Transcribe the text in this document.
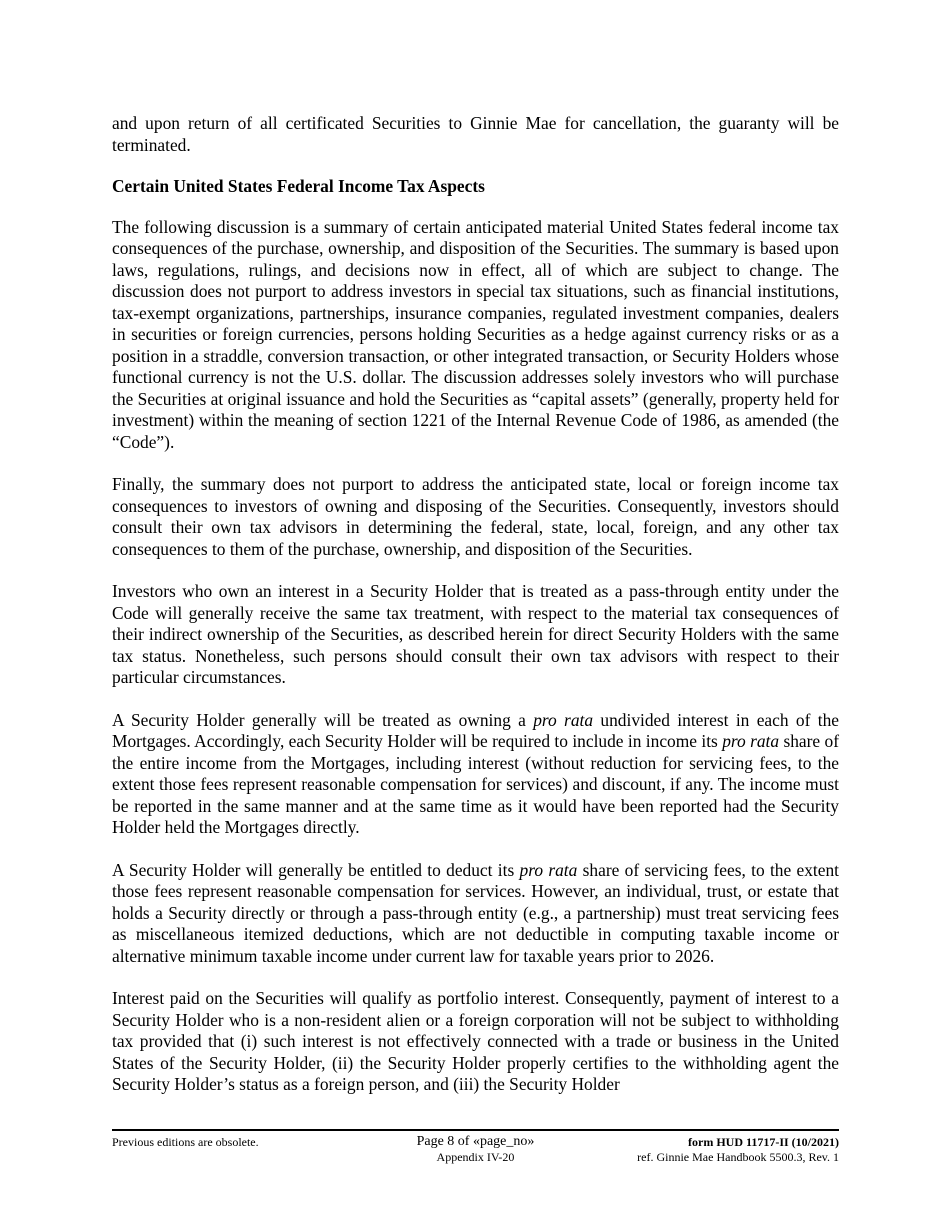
and upon return of all certificated Securities to Ginnie Mae for cancellation, the guaranty will be terminated.

Certain United States Federal Income Tax Aspects

The following discussion is a summary of certain anticipated material United States federal income tax consequences of the purchase, ownership, and disposition of the Securities. The summary is based upon laws, regulations, rulings, and decisions now in effect, all of which are subject to change. The discussion does not purport to address investors in special tax situations, such as financial institutions, tax-exempt organizations, partnerships, insurance companies, regulated investment companies, dealers in securities or foreign currencies, persons holding Securities as a hedge against currency risks or as a position in a straddle, conversion transaction, or other integrated transaction, or Security Holders whose functional currency is not the U.S. dollar. The discussion addresses solely investors who will purchase the Securities at original issuance and hold the Securities as “capital assets” (generally, property held for investment) within the meaning of section 1221 of the Internal Revenue Code of 1986, as amended (the “Code”).

Finally, the summary does not purport to address the anticipated state, local or foreign income tax consequences to investors of owning and disposing of the Securities. Consequently, investors should consult their own tax advisors in determining the federal, state, local, foreign, and any other tax consequences to them of the purchase, ownership, and disposition of the Securities.

Investors who own an interest in a Security Holder that is treated as a pass-through entity under the Code will generally receive the same tax treatment, with respect to the material tax consequences of their indirect ownership of the Securities, as described herein for direct Security Holders with the same tax status. Nonetheless, such persons should consult their own tax advisors with respect to their particular circumstances.

A Security Holder generally will be treated as owning a pro rata undivided interest in each of the Mortgages. Accordingly, each Security Holder will be required to include in income its pro rata share of the entire income from the Mortgages, including interest (without reduction for servicing fees, to the extent those fees represent reasonable compensation for services) and discount, if any. The income must be reported in the same manner and at the same time as it would have been reported had the Security Holder held the Mortgages directly.

A Security Holder will generally be entitled to deduct its pro rata share of servicing fees, to the extent those fees represent reasonable compensation for services. However, an individual, trust, or estate that holds a Security directly or through a pass-through entity (e.g., a partnership) must treat servicing fees as miscellaneous itemized deductions, which are not deductible in computing taxable income or alternative minimum taxable income under current law for taxable years prior to 2026.

Interest paid on the Securities will qualify as portfolio interest. Consequently, payment of interest to a Security Holder who is a non-resident alien or a foreign corporation will not be subject to withholding tax provided that (i) such interest is not effectively connected with a trade or business in the United States of the Security Holder, (ii) the Security Holder properly certifies to the withholding agent the Security Holder’s status as a foreign person, and (iii) the Security Holder

Previous editions are obsolete.	Page 8 of «page_no»
Appendix IV-20
form HUD 11717-II (10/2021)
ref. Ginnie Mae Handbook 5500.3, Rev. 1
